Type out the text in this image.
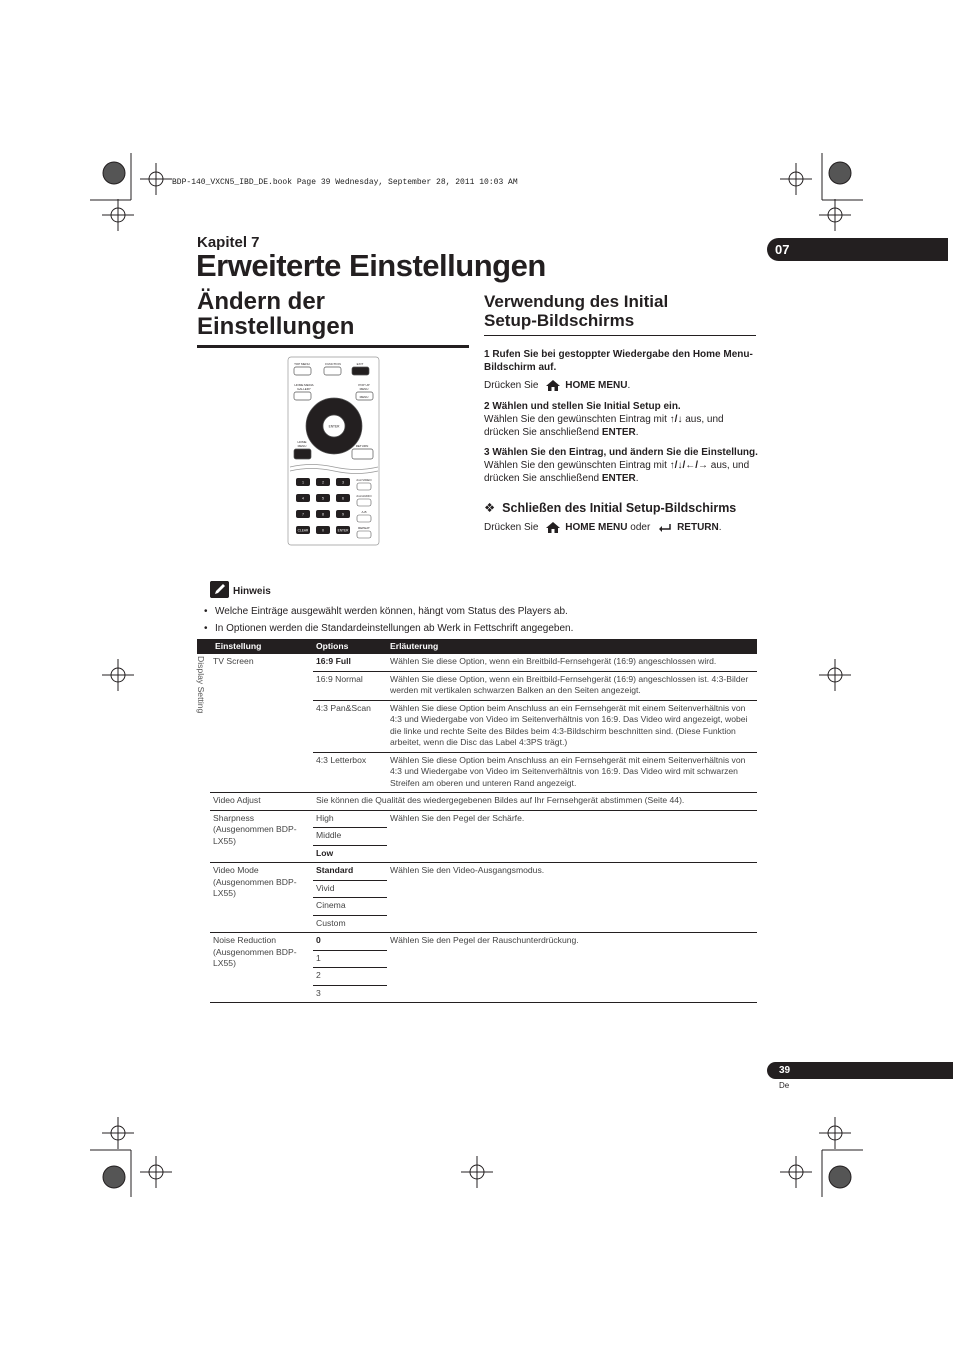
BDP-140_VXCN5_IBD_DE.book Page 39 Wednesday, September 28, 2011 10:03 AM
Kapitel 7
Erweiterte Einstellungen	07
Ändern der
Einstellungen
ENTER
TOP MENU	FUNCTION	EXIT
HOME MEDIA
GALLERY
POP UP
MENU
MENU
HOME
MENU	RETURN
2nd VIDEO
2nd AUDIO
A-B
REPEAT
1	2	3
4	5	6
7	8	9
CLEAR	0	ENTER
Verwendung des Initial
Setup-Bildschirms

1 Rufen Sie bei gestoppter Wiedergabe den Home Menu-Bildschirm auf.

Drücken Sie	HOME MENU.

2 Wählen und stellen Sie Initial Setup ein.

Wählen Sie den gewünschten Eintrag mit ↑/↓ aus, und drücken Sie anschließend ENTER.

3 Wählen Sie den Eintrag, und ändern Sie die Einstellung.

Wählen Sie den gewünschten Eintrag mit ↑/↓/←/→ aus, und drücken Sie anschließend ENTER.

❖ Schließen des Initial Setup-Bildschirms

Drücken Sie	HOME MENU oder	RETURN.

Hinweis
• Welche Einträge ausgewählt werden können, hängt vom Status des Players ab.
• In Optionen werden die Standardeinstellungen ab Werk in Fettschrift angegeben.
Display Setting
Einstellung		Options	Erläuterung
	TV Screen	16:9 Full	Wählen Sie diese Option, wenn ein Breitbild-Fernsehgerät (16:9) angeschlossen wird.
		16:9 Normal	Wählen Sie diese Option, wenn ein Breitbild-Fernsehgerät (16:9) angeschlossen ist. 4:3-Bilder werden mit vertikalen schwarzen Balken an den Seiten angezeigt.
		4:3 Pan&Scan	Wählen Sie diese Option beim Anschluss an ein Fernsehgerät mit einem Seitenverhältnis von 4:3 und Wiedergabe von Video im Seitenverhältnis von 16:9. Das Video wird angezeigt, wobei die linke und rechte Seite des Bildes beim 4:3-Bildschirm beschnitten sind. (Diese Funktion arbeitet, wenn die Disc das Label 4:3PS trägt.)
		4:3 Letterbox	Wählen Sie diese Option beim Anschluss an ein Fernsehgerät mit einem Seitenverhältnis von 4:3 und Wiedergabe von Video im Seitenverhältnis von 16:9. Das Video wird mit schwarzen Streifen am oberen und unteren Rand angezeigt.
	Video Adjust	Sie können die Qualität des wiedergegebenen Bildes auf Ihr Fernsehgerät abstimmen (Seite 44).	
	Sharpness (Ausgenommen BDP-LX55)	High	Wählen Sie den Pegel der Schärfe.
		Middle	
		Low	
	Video Mode (Ausgenommen BDP-LX55)	Standard	Wählen Sie den Video-Ausgangsmodus.
		Vivid	
		Cinema	
		Custom	
	Noise Reduction (Ausgenommen BDP-LX55)	0	Wählen Sie den Pegel der Rauschunterdrückung.
		1	
		2	
		3	

39
De
